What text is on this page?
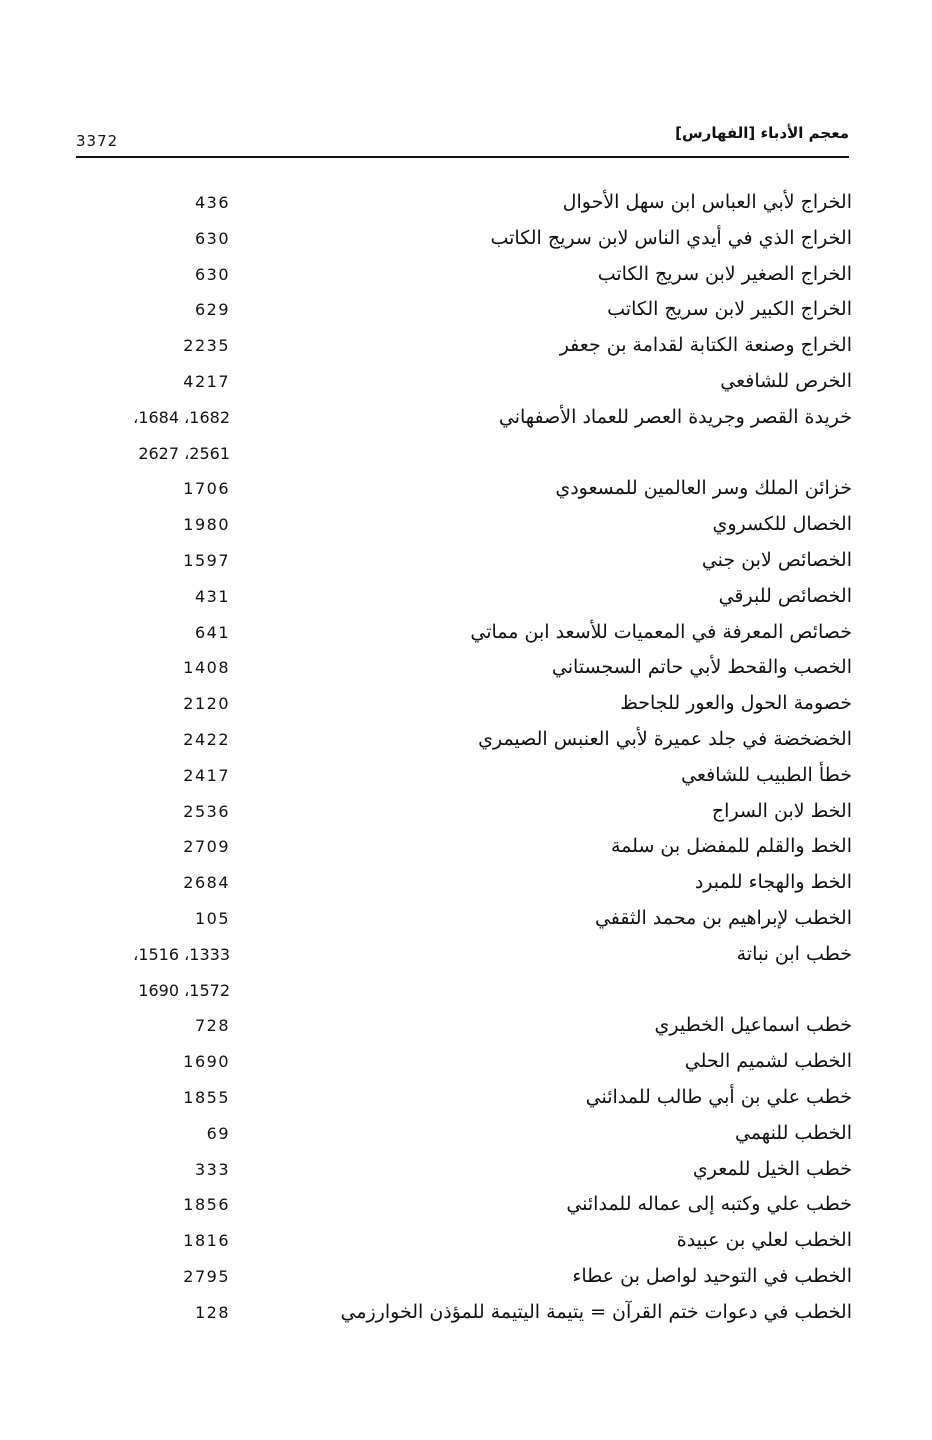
3372	معجم الأدباء [الفهارس]
الخراج لأبي العباس ابن سهل الأحوال
436
الخراج الذي في أيدي الناس لابن سريج الكاتب
630
الخراج الصغير لابن سريج الكاتب
630
الخراج الكبير لابن سريج الكاتب
629
الخراج وصنعة الكتابة لقدامة بن جعفر
2235
الخرص للشافعي
4217
خريدة القصر وجريدة العصر للعماد الأصفهاني
1682، 1684،
2561، 2627
خزائن الملك وسر العالمين للمسعودي
1706
الخصال للكسروي
1980
الخصائص لابن جني
1597
الخصائص للبرقي
431
خصائص المعرفة في المعميات للأسعد ابن مماتي
641
الخصب والقحط لأبي حاتم السجستاني
1408
خصومة الحول والعور للجاحظ
2120
الخضخضة في جلد عميرة لأبي العنبس الصيمري
2422
خطأ الطبيب للشافعي
2417
الخط لابن السراج
2536
الخط والقلم للمفضل بن سلمة
2709
الخط والهجاء للمبرد
2684
الخطب لإبراهيم بن محمد الثقفي
105
خطب ابن نباتة
1333، 1516،
1572، 1690
خطب اسماعيل الخطيري
728
الخطب لشميم الحلي
1690
خطب علي بن أبي طالب للمدائني
1855
الخطب للنهمي
69
خطب الخيل للمعري
333
خطب علي وكتبه إلى عماله للمدائني
1856
الخطب لعلي بن عبيدة
1816
الخطب في التوحيد لواصل بن عطاء
2795
الخطب في دعوات ختم القرآن = يتيمة اليتيمة للمؤذن الخوارزمي
128
